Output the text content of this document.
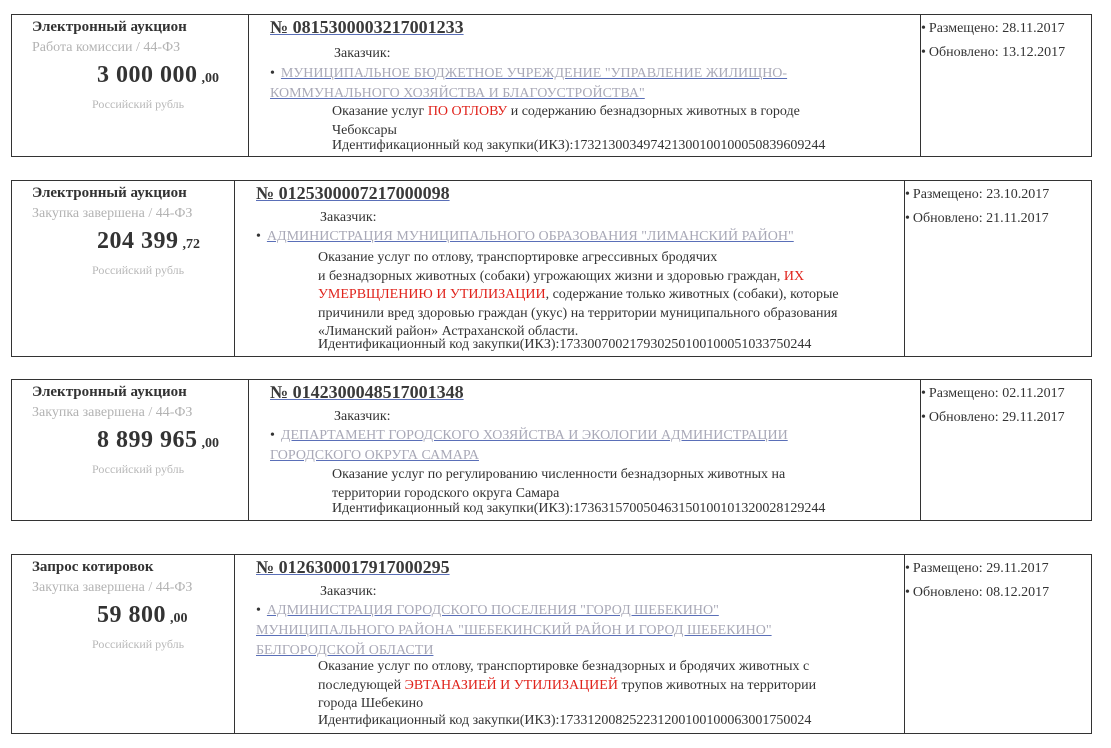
Электронный аукцион
Работа комиссии / 44-ФЗ
3 000 000 ,00
Российский рубль
№ 0815300003217001233
Заказчик:
• МУНИЦИПАЛЬНОЕ БЮДЖЕТНОЕ УЧРЕЖДЕНИЕ "УПРАВЛЕНИЕ ЖИЛИЩНО-
КОММУНАЛЬНОГО ХОЗЯЙСТВА И БЛАГОУСТРОЙСТВА"
Оказание услуг ПО ОТЛОВУ и содержанию безнадзорных животных в городе
Чебоксары
Идентификационный код закупки(ИКЗ):173213003497421300100100050839609244
• Размещено: 28.11.2017
• Обновлено: 13.12.2017
Электронный аукцион
Закупка завершена / 44-ФЗ
204 399 ,72
Российский рубль
№ 0125300007217000098
Заказчик:
• АДМИНИСТРАЦИЯ МУНИЦИПАЛЬНОГО ОБРАЗОВАНИЯ "ЛИМАНСКИЙ РАЙОН"
Оказание услуг по отлову, транспортировке агрессивных бродячих
и безнадзорных животных (собаки) угрожающих жизни и здоровью граждан, ИХ
УМЕРВЩЛЕНИЮ И УТИЛИЗАЦИИ, содержание только животных (собаки), которые
причинили вред здоровью граждан (укус) на территории муниципального образования
«Лиманский район» Астраханской области.
Идентификационный код закупки(ИКЗ):173300700217930250100100051033750244
• Размещено: 23.10.2017
• Обновлено: 21.11.2017
Электронный аукцион
Закупка завершена / 44-ФЗ
8 899 965 ,00
Российский рубль
№ 0142300048517001348
Заказчик:
• ДЕПАРТАМЕНТ ГОРОДСКОГО ХОЗЯЙСТВА И ЭКОЛОГИИ АДМИНИСТРАЦИИ
ГОРОДСКОГО ОКРУГА САМАРА
Оказание услуг по регулированию численности безнадзорных животных на
территории городского округа Самара
Идентификационный код закупки(ИКЗ):173631570050463150100101320028129244
• Размещено: 02.11.2017
• Обновлено: 29.11.2017
Запрос котировок
Закупка завершена / 44-ФЗ
59 800 ,00
Российский рубль
№ 0126300017917000295
Заказчик:
• АДМИНИСТРАЦИЯ ГОРОДСКОГО ПОСЕЛЕНИЯ "ГОРОД ШЕБЕКИНО"
МУНИЦИПАЛЬНОГО РАЙОНА "ШЕБЕКИНСКИЙ РАЙОН И ГОРОД ШЕБЕКИНО"
БЕЛГОРОДСКОЙ ОБЛАСТИ
Оказание услуг по отлову, транспортировке безнадзорных и бродячих животных с
последующей ЭВТАНАЗИЕЙ И УТИЛИЗАЦИЕЙ трупов животных на территории
города Шебекино
Идентификационный код закупки(ИКЗ):173312008252231200100100063001750024
• Размещено: 29.11.2017
• Обновлено: 08.12.2017
